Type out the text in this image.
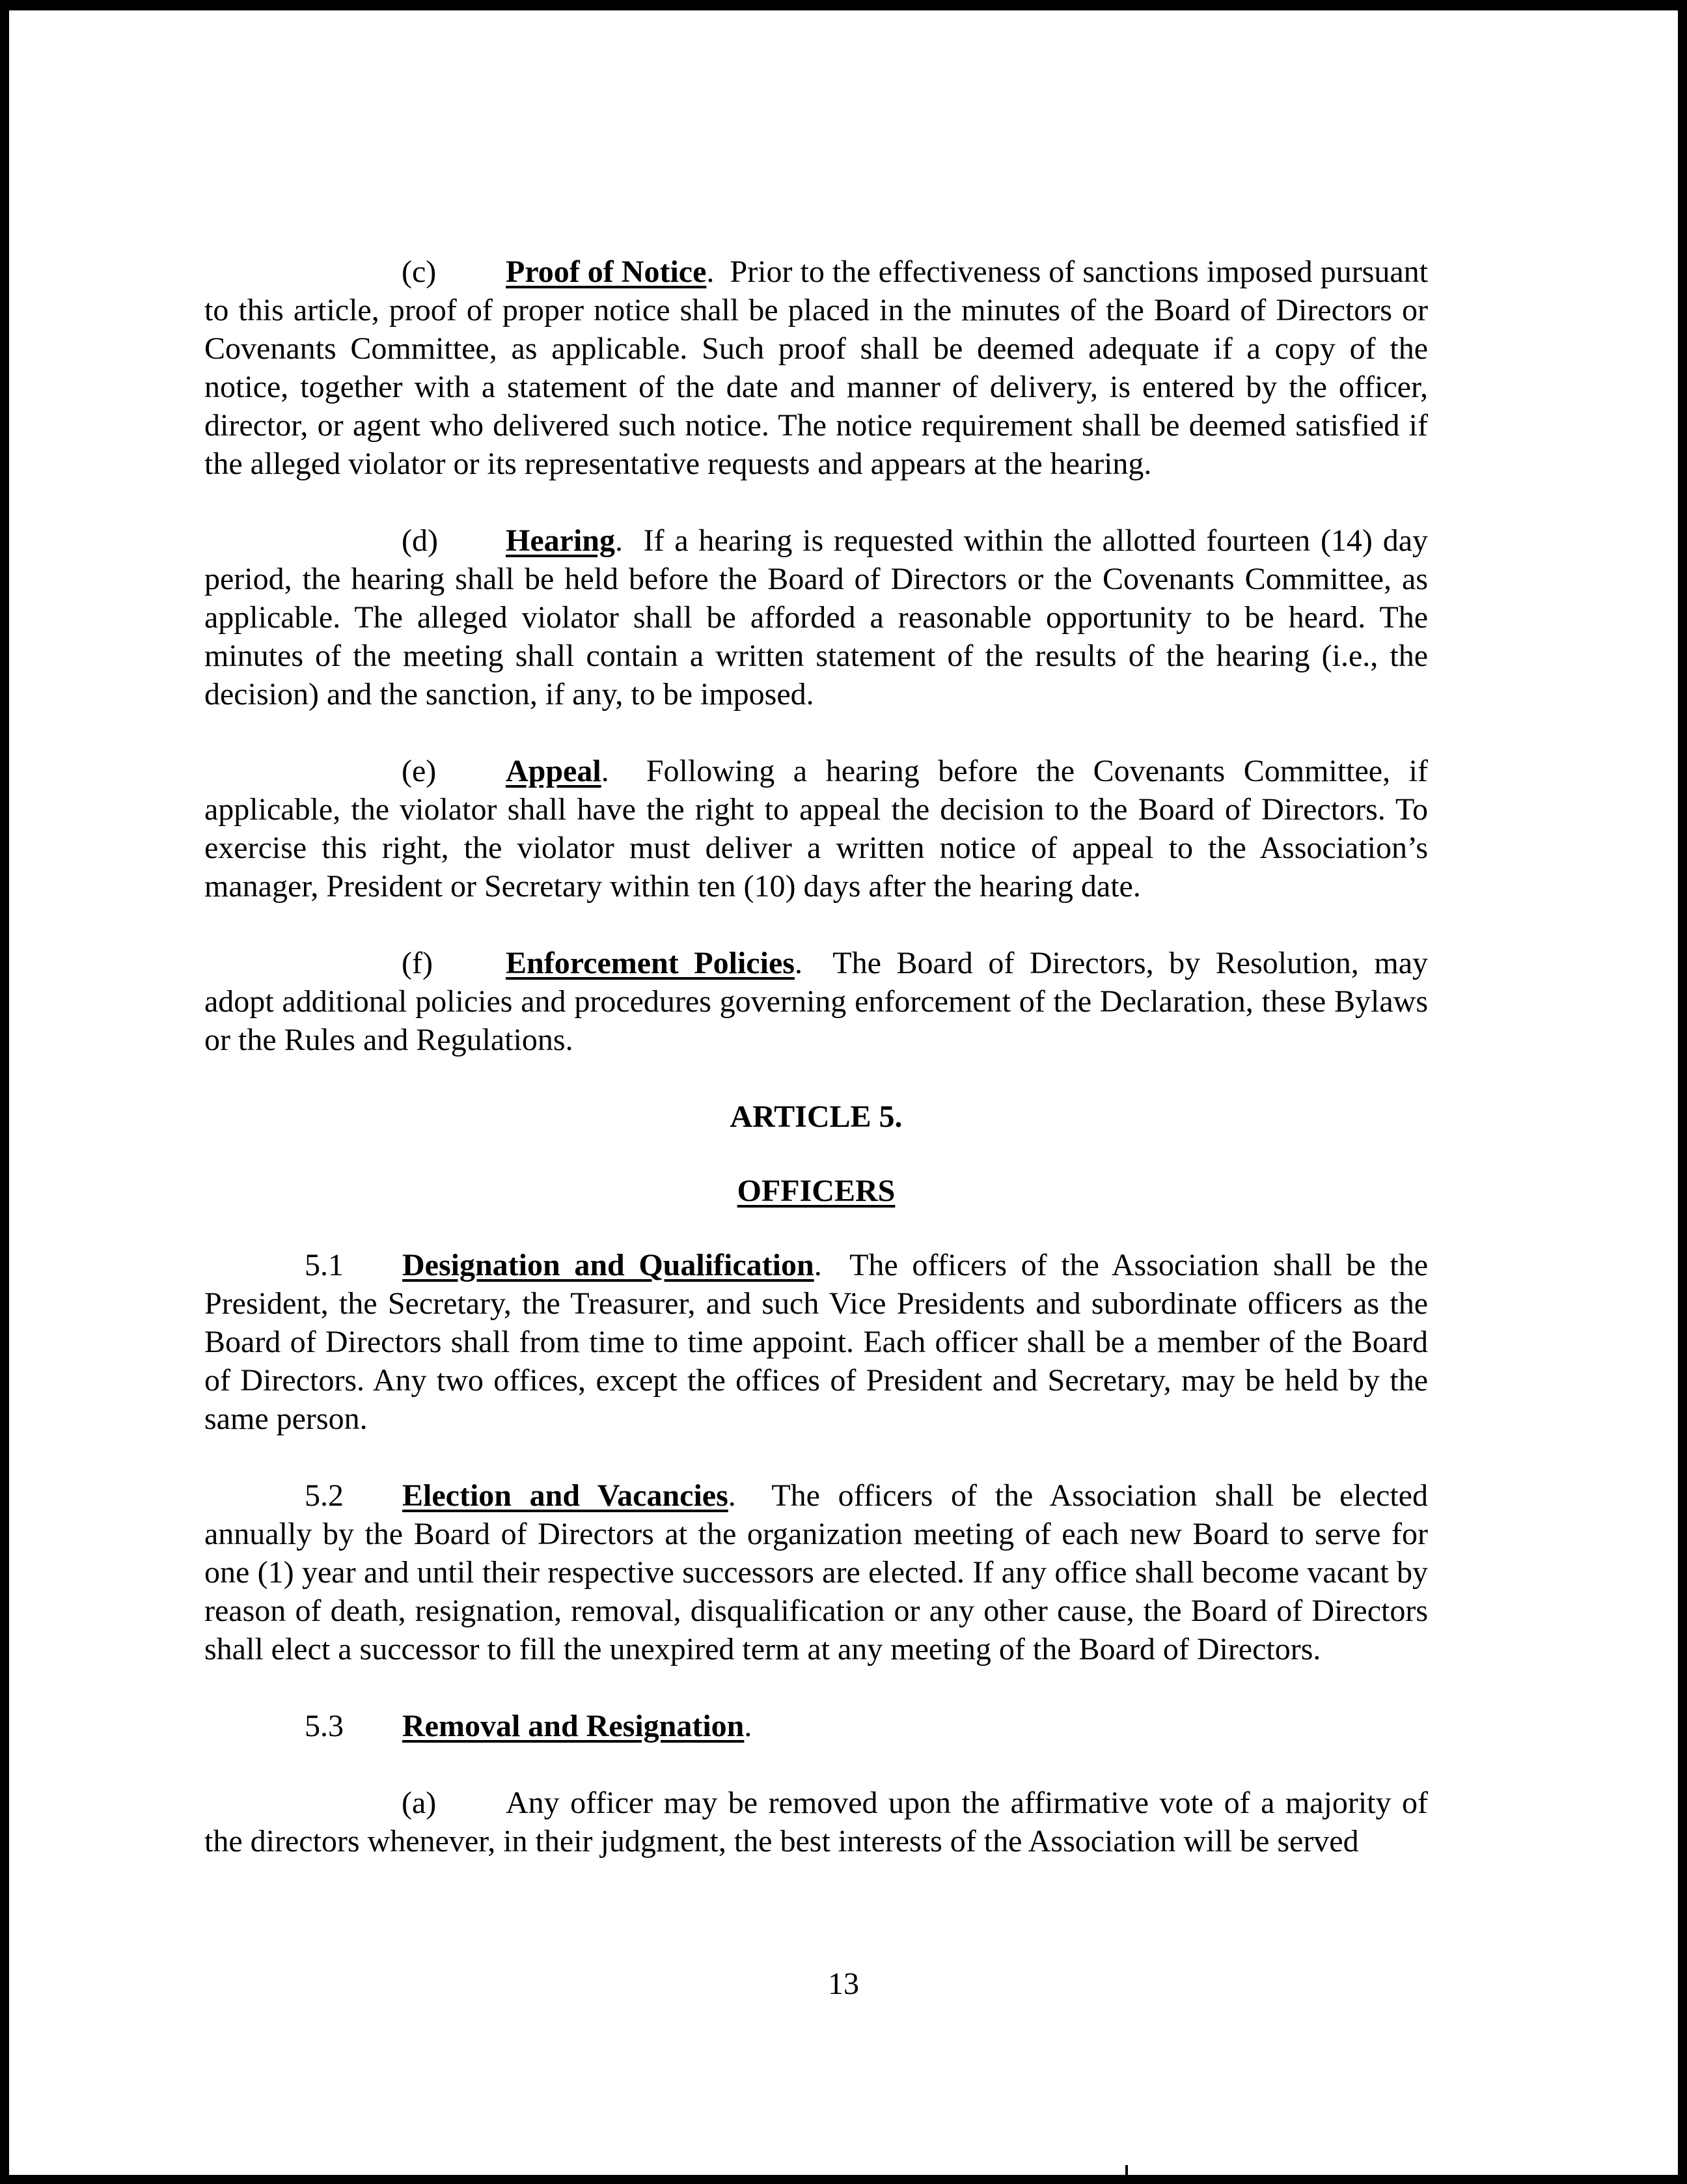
(c) Proof of Notice.  Prior to the effectiveness of sanctions imposed pursuant to this article, proof of proper notice shall be placed in the minutes of the Board of Directors or Covenants Committee, as applicable. Such proof shall be deemed adequate if a copy of the notice, together with a statement of the date and manner of delivery, is entered by the officer, director, or agent who delivered such notice. The notice requirement shall be deemed satisfied if the alleged violator or its representative requests and appears at the hearing.

(d) Hearing.  If a hearing is requested within the allotted fourteen (14) day period, the hearing shall be held before the Board of Directors or the Covenants Committee, as applicable. The alleged violator shall be afforded a reasonable opportunity to be heard. The minutes of the meeting shall contain a written statement of the results of the hearing (i.e., the decision) and the sanction, if any, to be imposed.

(e) Appeal.  Following a hearing before the Covenants Committee, if applicable, the violator shall have the right to appeal the decision to the Board of Directors. To exercise this right, the violator must deliver a written notice of appeal to the Association’s manager, President or Secretary within ten (10) days after the hearing date.

(f) Enforcement Policies.  The Board of Directors, by Resolution, may adopt additional policies and procedures governing enforcement of the Declaration, these Bylaws or the Rules and Regulations.

ARTICLE 5.
OFFICERS

5.1 Designation and Qualification.  The officers of the Association shall be the President, the Secretary, the Treasurer, and such Vice Presidents and subordinate officers as the Board of Directors shall from time to time appoint. Each officer shall be a member of the Board of Directors. Any two offices, except the offices of President and Secretary, may be held by the same person.

5.2 Election and Vacancies.  The officers of the Association shall be elected annually by the Board of Directors at the organization meeting of each new Board to serve for one (1) year and until their respective successors are elected. If any office shall become vacant by reason of death, resignation, removal, disqualification or any other cause, the Board of Directors shall elect a successor to fill the unexpired term at any meeting of the Board of Directors.

5.3 Removal and Resignation.

(a) Any officer may be removed upon the affirmative vote of a majority of the directors whenever, in their judgment, the best interests of the Association will be served

13
